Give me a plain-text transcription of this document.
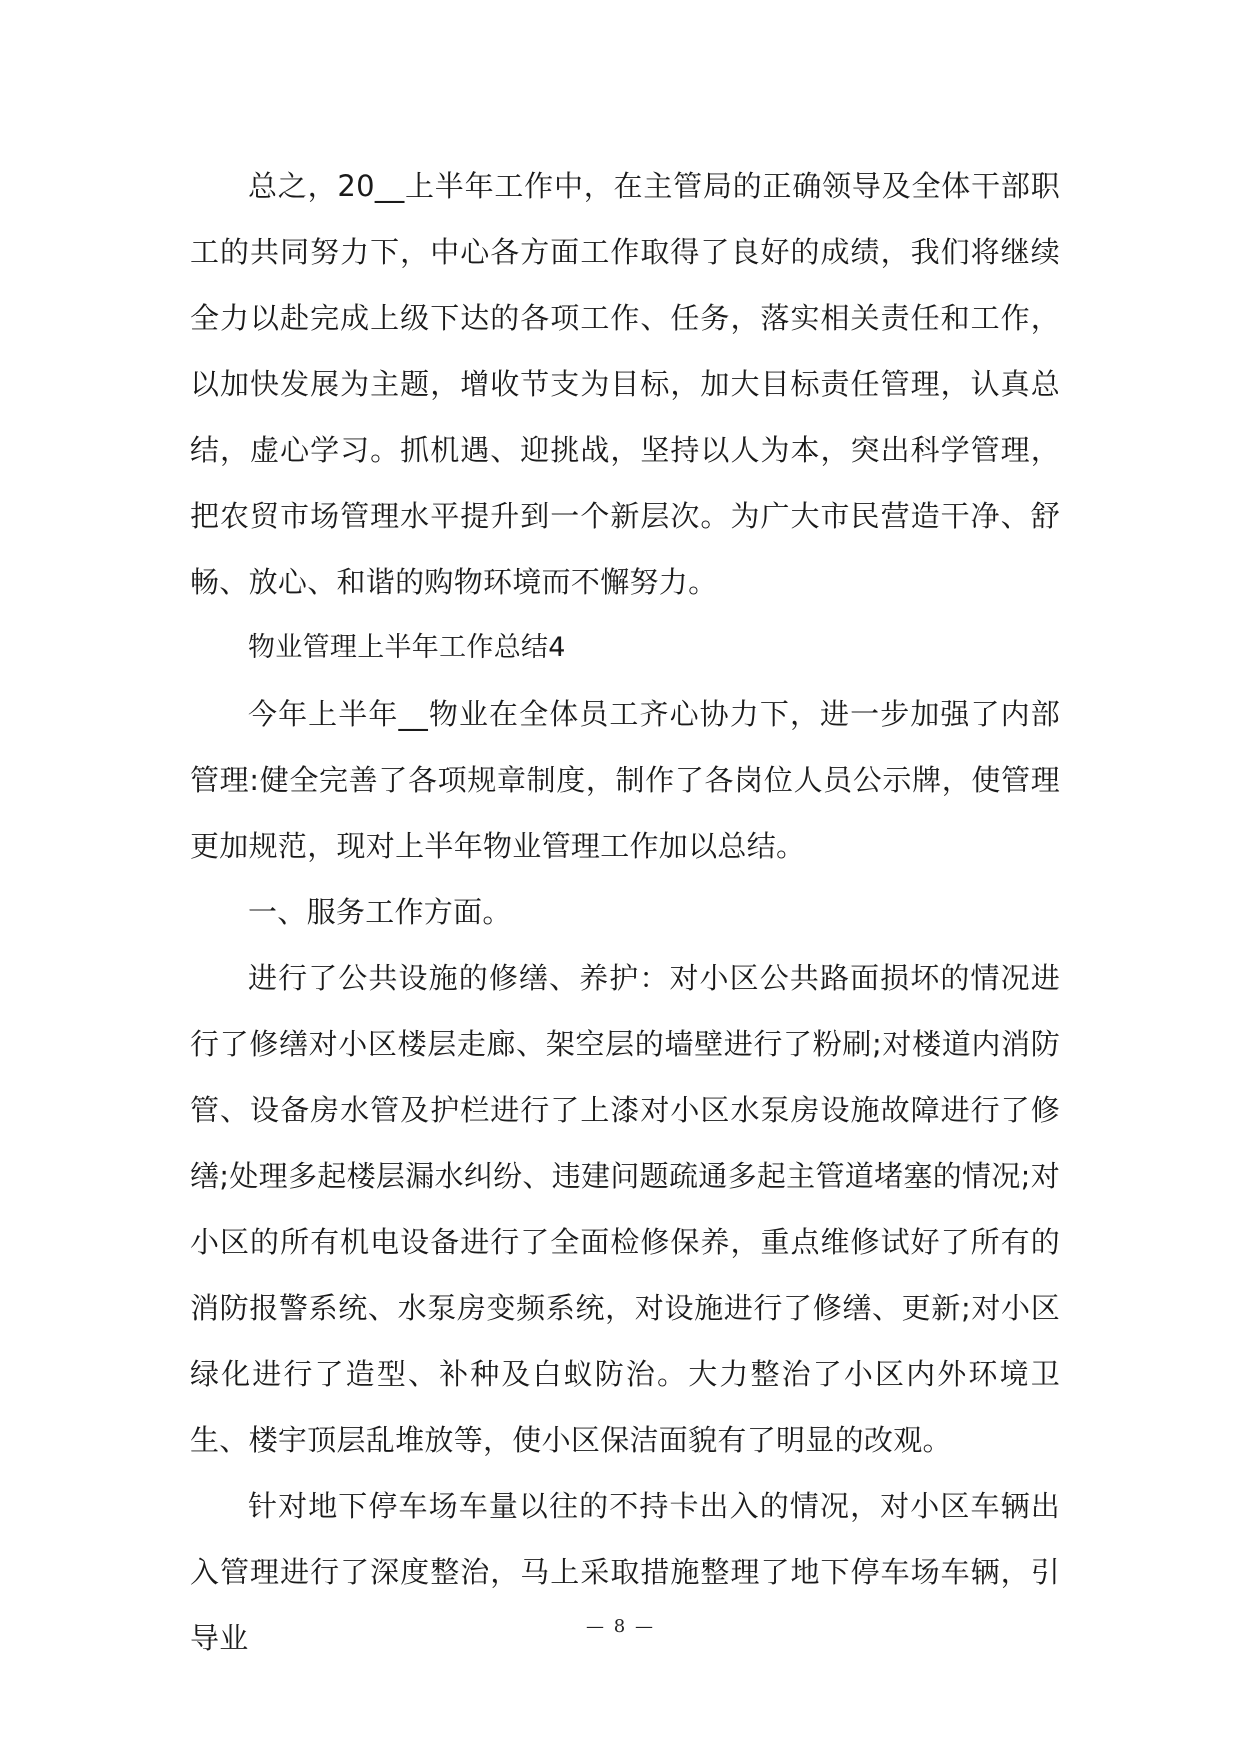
总之，20__上半年工作中，在主管局的正确领导及全体干部职工的共同努力下，中心各方面工作取得了良好的成绩，我们将继续全力以赴完成上级下达的各项工作、任务，落实相关责任和工作，以加快发展为主题，增收节支为目标，加大目标责任管理，认真总结，虚心学习。抓机遇、迎挑战，坚持以人为本，突出科学管理，把农贸市场管理水平提升到一个新层次。为广大市民营造干净、舒畅、放心、和谐的购物环境而不懈努力。

物业管理上半年工作总结4

今年上半年__物业在全体员工齐心协力下，进一步加强了内部管理:健全完善了各项规章制度，制作了各岗位人员公示牌，使管理更加规范，现对上半年物业管理工作加以总结。

一、服务工作方面。

进行了公共设施的修缮、养护：对小区公共路面损坏的情况进行了修缮对小区楼层走廊、架空层的墙壁进行了粉刷;对楼道内消防管、设备房水管及护栏进行了上漆对小区水泵房设施故障进行了修缮;处理多起楼层漏水纠纷、违建问题疏通多起主管道堵塞的情况;对小区的所有机电设备进行了全面检修保养，重点维修试好了所有的消防报警系统、水泵房变频系统，对设施进行了修缮、更新;对小区绿化进行了造型、补种及白蚁防治。大力整治了小区内外环境卫生、楼宇顶层乱堆放等，使小区保洁面貌有了明显的改观。

针对地下停车场车量以往的不持卡出入的情况，对小区车辆出入管理进行了深度整治，马上采取措施整理了地下停车场车辆，引导业	— 8 —
